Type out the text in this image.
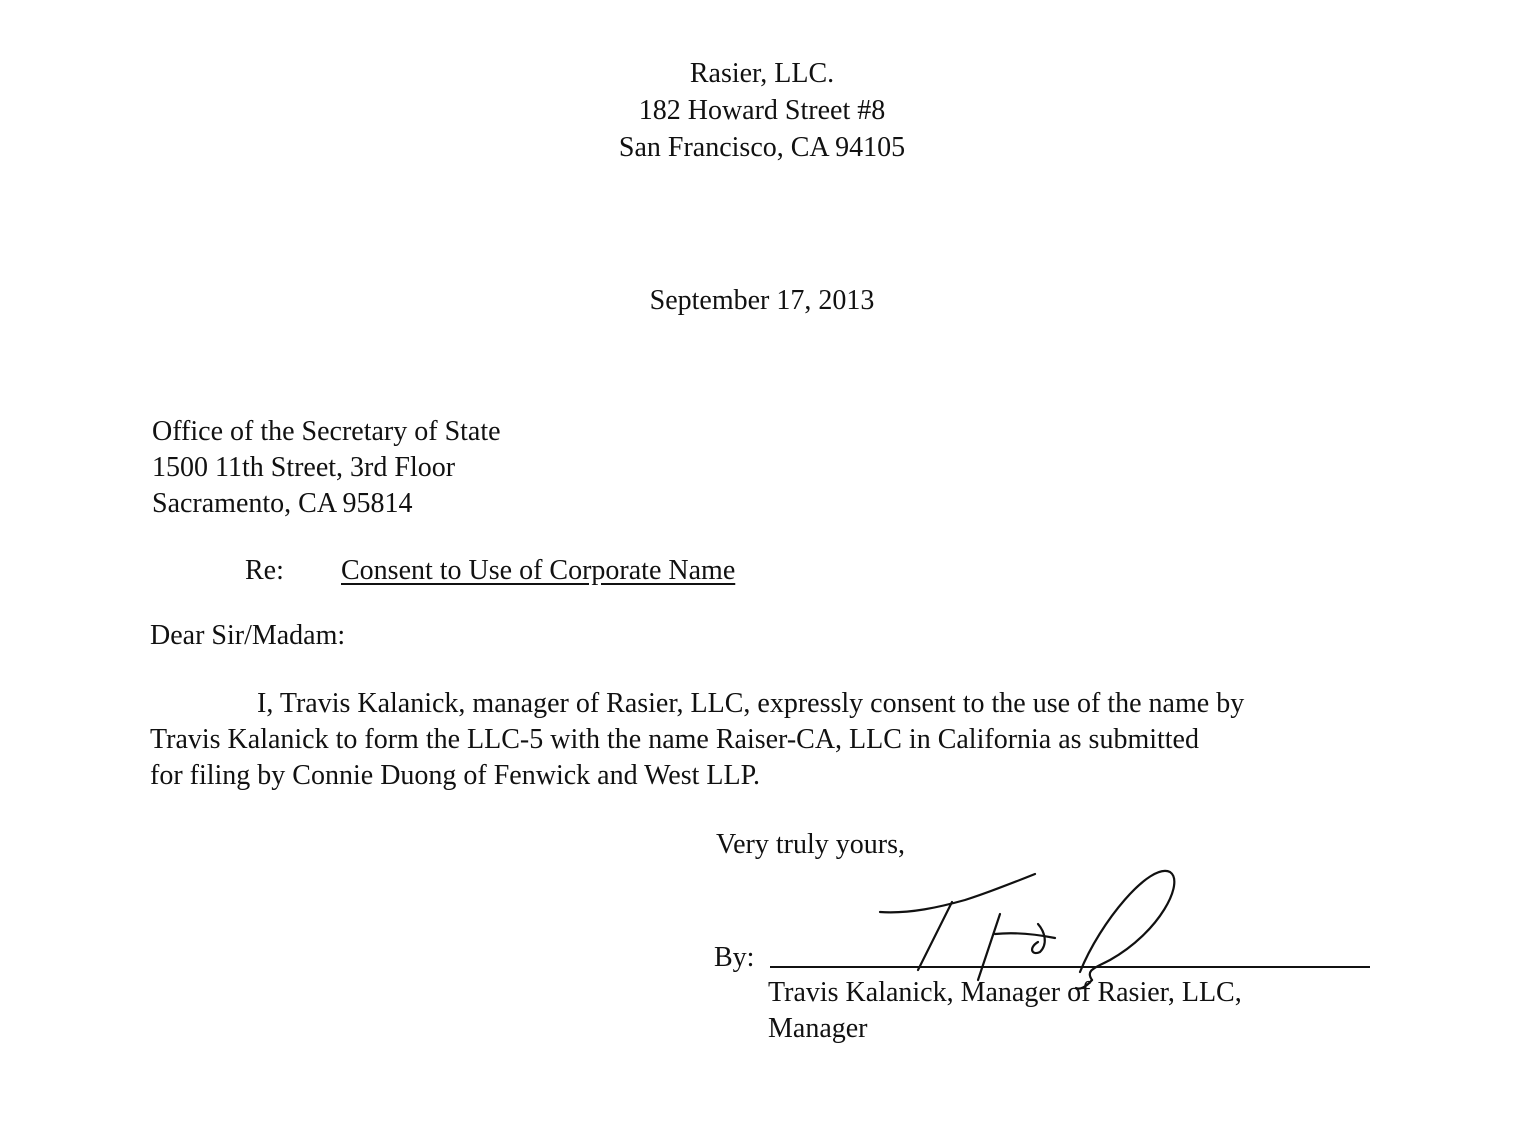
Rasier, LLC.
182 Howard Street #8
San Francisco, CA 94105
September 17, 2013
Office of the Secretary of State
1500 11th Street, 3rd Floor
Sacramento, CA 95814
Re: Consent to Use of Corporate Name
Dear Sir/Madam:
I, Travis Kalanick, manager of Rasier, LLC, expressly consent to the use of the name by
Travis Kalanick to form the LLC-5 with the name Raiser-CA, LLC in California as submitted
for filing by Connie Duong of Fenwick and West LLP.
Very truly yours,
By:
Travis Kalanick, Manager of Rasier, LLC,
Manager
